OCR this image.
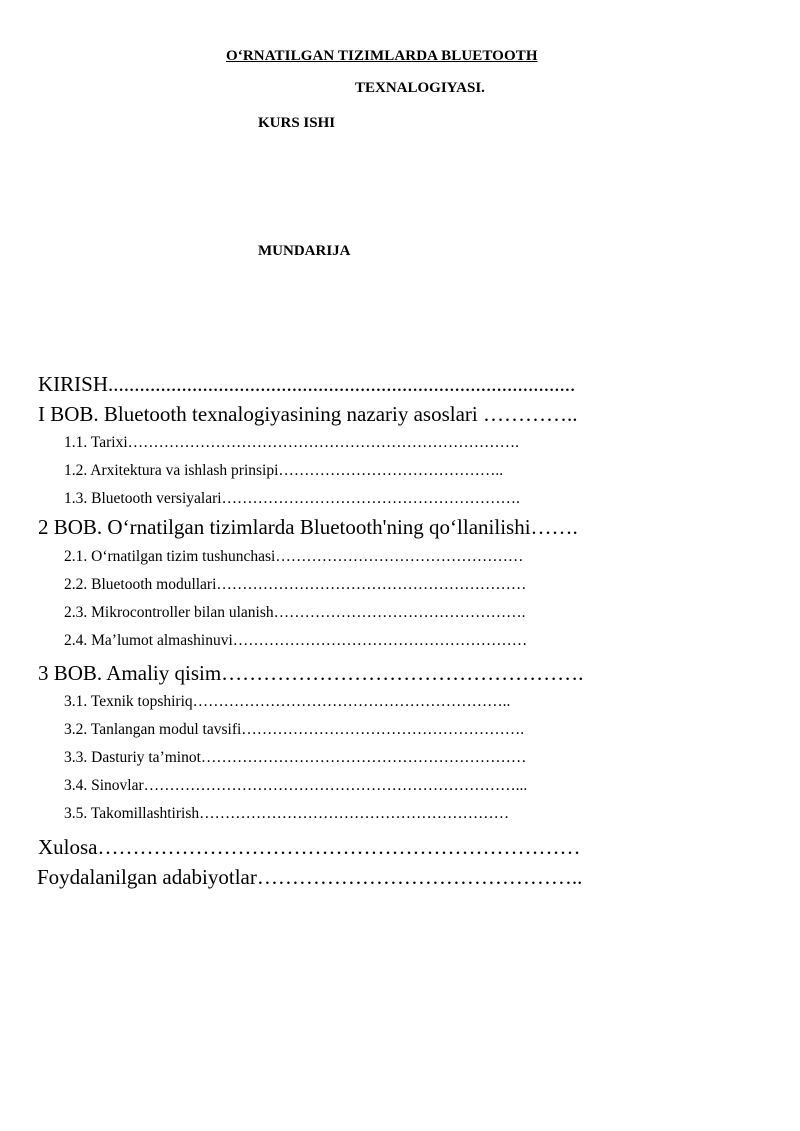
O‘RNATILGAN TIZIMLARDA BLUETOOTH
TEXNALOGIYASI.
KURS ISHI
MUNDARIJA
KIRISH.........................................................................................
I BOB. Bluetooth texnalogiyasining nazariy asoslari …………..
1.1. Tarixi………………………………………………………………….
1.2. Arxitektura va ishlash prinsipi……………………………………..
1.3. Bluetooth versiyalari………………………………………………….
2 BOB. O‘rnatilgan tizimlarda Bluetooth'ning qo‘llanilishi…….
2.1. O‘rnatilgan tizim tushunchasi…………………………………………
2.2. Bluetooth modullari……………………………………………………
2.3. Mikrocontroller bilan ulanish………………………………………….
2.4. Ma’lumot almashinuvi…………………………………………………
3 BOB. Amaliy qisim…………………………………………….
3.1. Texnik topshiriq……………………………………………………..
3.2. Tanlangan modul tavsifi……………………………………………….
3.3. Dasturiy ta’minot………………………………………………………
3.4. Sinovlar………………………………………………………………...
3.5. Takomillashtirish……………………………………………………
Xulosa……………………………………………………………
Foydalanilgan adabiyotlar………………………………………..
